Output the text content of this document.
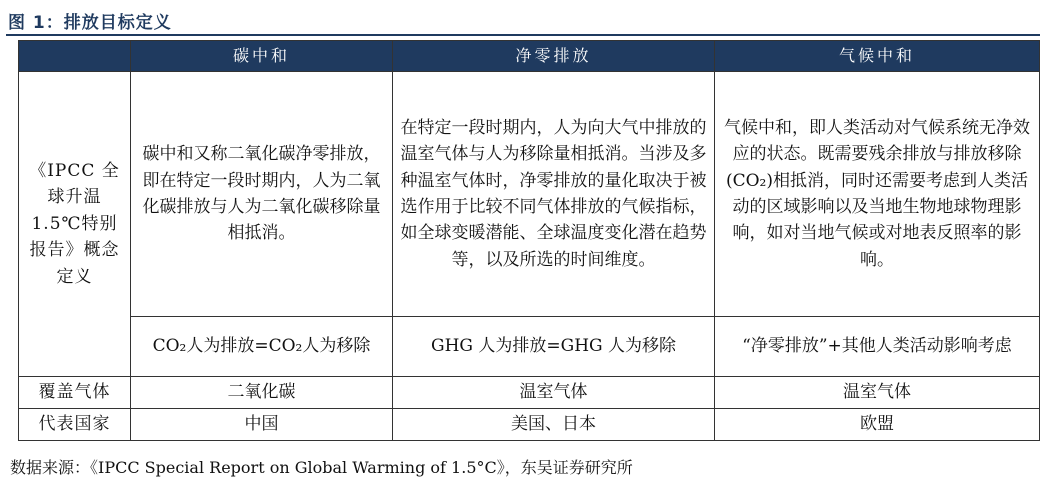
图 1：排放目标定义
	碳中和	净零排放	气候中和
《IPCC 全球升温 1.5℃特别报告》概念定义	碳中和又称二氧化碳净零排放，即在特定一段时期内，人为二氧化碳排放与人为二氧化碳移除量相抵消。	在特定一段时期内，人为向大气中排放的温室气体与人为移除量相抵消。当涉及多种温室气体时，净零排放的量化取决于被选作用于比较不同气体排放的气候指标，如全球变暖潜能、全球温度变化潜在趋势等，以及所选的时间维度。	气候中和，即人类活动对气候系统无净效应的状态。既需要残余排放与排放移除(CO₂)相抵消，同时还需要考虑到人类活动的区域影响以及当地生物地球物理影响，如对当地气候或对地表反照率的影响。
	CO₂人为排放=CO₂人为移除	GHG 人为排放=GHG 人为移除	“净零排放”+其他人类活动影响考虑
覆盖气体	二氧化碳	温室气体	温室气体
代表国家	中国	美国、日本	欧盟
数据来源：《IPCC Special Report on Global Warming of 1.5°C》，东吴证券研究所
